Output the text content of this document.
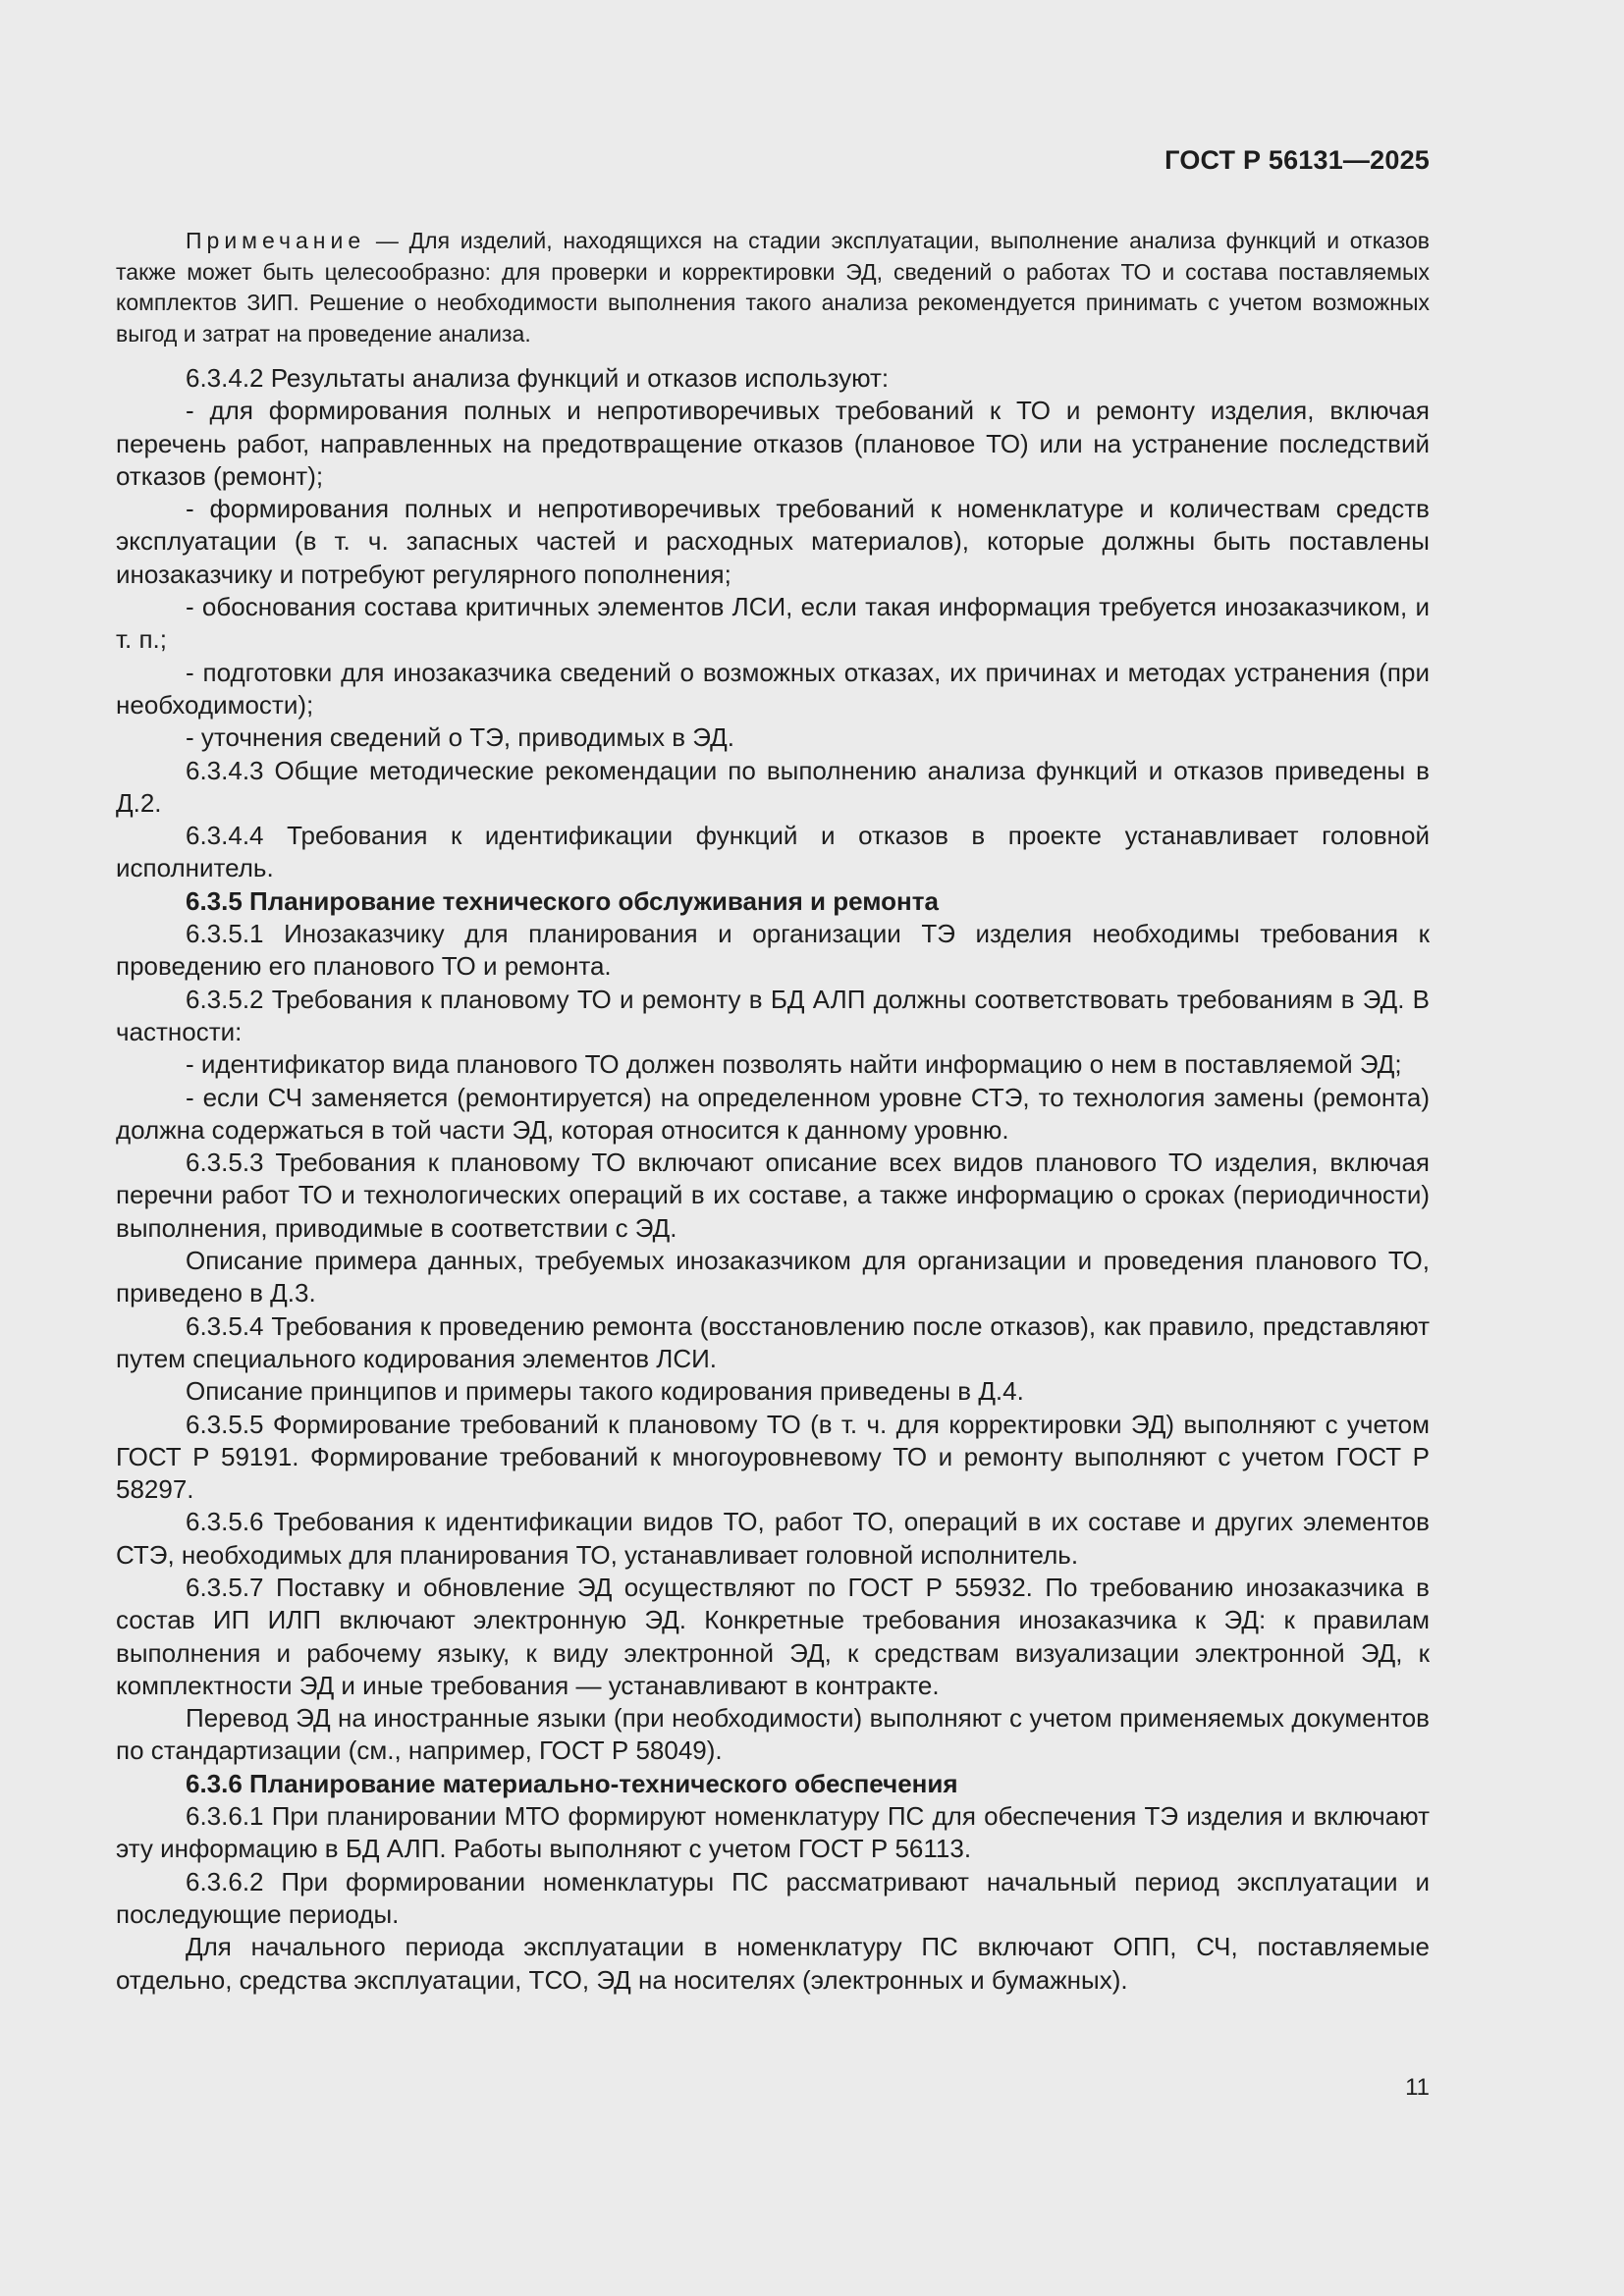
ГОСТ Р 56131—2025
Примечание — Для изделий, находящихся на стадии эксплуатации, выполнение анализа функций и отказов также может быть целесообразно: для проверки и корректировки ЭД, сведений о работах ТО и состава поставляемых комплектов ЗИП. Решение о необходимости выполнения такого анализа рекомендуется принимать с учетом возможных выгод и затрат на проведение анализа.

6.3.4.2 Результаты анализа функций и отказов используют:

- для формирования полных и непротиворечивых требований к ТО и ремонту изделия, включая перечень работ, направленных на предотвращение отказов (плановое ТО) или на устранение последствий отказов (ремонт);

- формирования полных и непротиворечивых требований к номенклатуре и количествам средств эксплуатации (в т. ч. запасных частей и расходных материалов), которые должны быть поставлены инозаказчику и потребуют регулярного пополнения;

- обоснования состава критичных элементов ЛСИ, если такая информация требуется инозаказчиком, и т. п.;

- подготовки для инозаказчика сведений о возможных отказах, их причинах и методах устранения (при необходимости);

- уточнения сведений о ТЭ, приводимых в ЭД.

6.3.4.3 Общие методические рекомендации по выполнению анализа функций и отказов приведены в Д.2.

6.3.4.4 Требования к идентификации функций и отказов в проекте устанавливает головной исполнитель.

6.3.5 Планирование технического обслуживания и ремонта

6.3.5.1 Инозаказчику для планирования и организации ТЭ изделия необходимы требования к проведению его планового ТО и ремонта.

6.3.5.2 Требования к плановому ТО и ремонту в БД АЛП должны соответствовать требованиям в ЭД. В частности:

- идентификатор вида планового ТО должен позволять найти информацию о нем в поставляемой ЭД;

- если СЧ заменяется (ремонтируется) на определенном уровне СТЭ, то технология замены (ремонта) должна содержаться в той части ЭД, которая относится к данному уровню.

6.3.5.3 Требования к плановому ТО включают описание всех видов планового ТО изделия, включая перечни работ ТО и технологических операций в их составе, а также информацию о сроках (периодичности) выполнения, приводимые в соответствии с ЭД.

Описание примера данных, требуемых инозаказчиком для организации и проведения планового ТО, приведено в Д.3.

6.3.5.4 Требования к проведению ремонта (восстановлению после отказов), как правило, представляют путем специального кодирования элементов ЛСИ.

Описание принципов и примеры такого кодирования приведены в Д.4.

6.3.5.5 Формирование требований к плановому ТО (в т. ч. для корректировки ЭД) выполняют с учетом ГОСТ Р 59191. Формирование требований к многоуровневому ТО и ремонту выполняют с учетом ГОСТ Р 58297.

6.3.5.6 Требования к идентификации видов ТО, работ ТО, операций в их составе и других элементов СТЭ, необходимых для планирования ТО, устанавливает головной исполнитель.

6.3.5.7 Поставку и обновление ЭД осуществляют по ГОСТ Р 55932. По требованию инозаказчика в состав ИП ИЛП включают электронную ЭД. Конкретные требования инозаказчика к ЭД: к правилам выполнения и рабочему языку, к виду электронной ЭД, к средствам визуализации электронной ЭД, к комплектности ЭД и иные требования — устанавливают в контракте.

Перевод ЭД на иностранные языки (при необходимости) выполняют с учетом применяемых документов по стандартизации (см., например, ГОСТ Р 58049).

6.3.6 Планирование материально-технического обеспечения

6.3.6.1 При планировании МТО формируют номенклатуру ПС для обеспечения ТЭ изделия и включают эту информацию в БД АЛП. Работы выполняют с учетом ГОСТ Р 56113.

6.3.6.2 При формировании номенклатуры ПС рассматривают начальный период эксплуатации и последующие периоды.

Для начального периода эксплуатации в номенклатуру ПС включают ОПП, СЧ, поставляемые отдельно, средства эксплуатации, ТСО, ЭД на носителях (электронных и бумажных).

11
